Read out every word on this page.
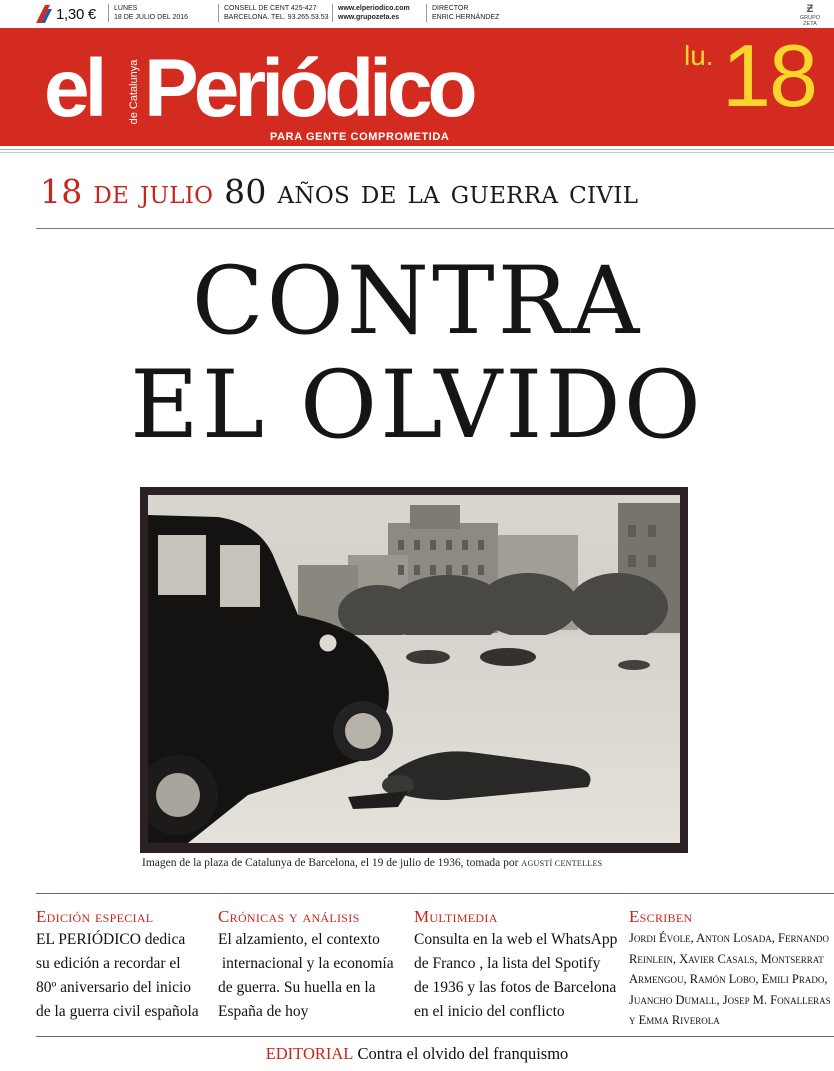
1,30 €	LUNES
18 DE JULIO DEL 2016
CONSELL DE CENT 425-427
BARCELONA. TEL. 93.265.53.53
www.elperiodico.com
www.grupozeta.es
DIRECTOR
ENRIC HERNÁNDEZ
Ƶ
GRUPO ZETA
el de Catalunya Periódico
PARA GENTE COMPROMETIDA
lu. 18
18 de julio 80 años de la guerra civil
CONTRA
EL OLVIDO
Imagen de la plaza de Catalunya de Barcelona, el 19 de julio de 1936, tomada por AGUSTÍ CENTELLES
Edición especial

EL PERIÓDICO dedica

su edición a recordar el

80º aniversario del inicio

de la guerra civil española

Crónicas y análisis

El alzamiento, el contexto

internacional y la economía

de guerra. Su huella en la

España de hoy

Multimedia

Consulta en la web el WhatsApp

de Franco , la lista del Spotify

de 1936 y las fotos de Barcelona

en el inicio del conflicto

Escriben

Jordi Évole, Anton Losada, Fernando

Reinlein, Xavier Casals, Montserrat

Armengou, Ramón Lobo, Emili Prado,

Juancho Dumall, Josep M. Fonalleras

y Emma Riverola

EDITORIAL Contra el olvido del franquismo
